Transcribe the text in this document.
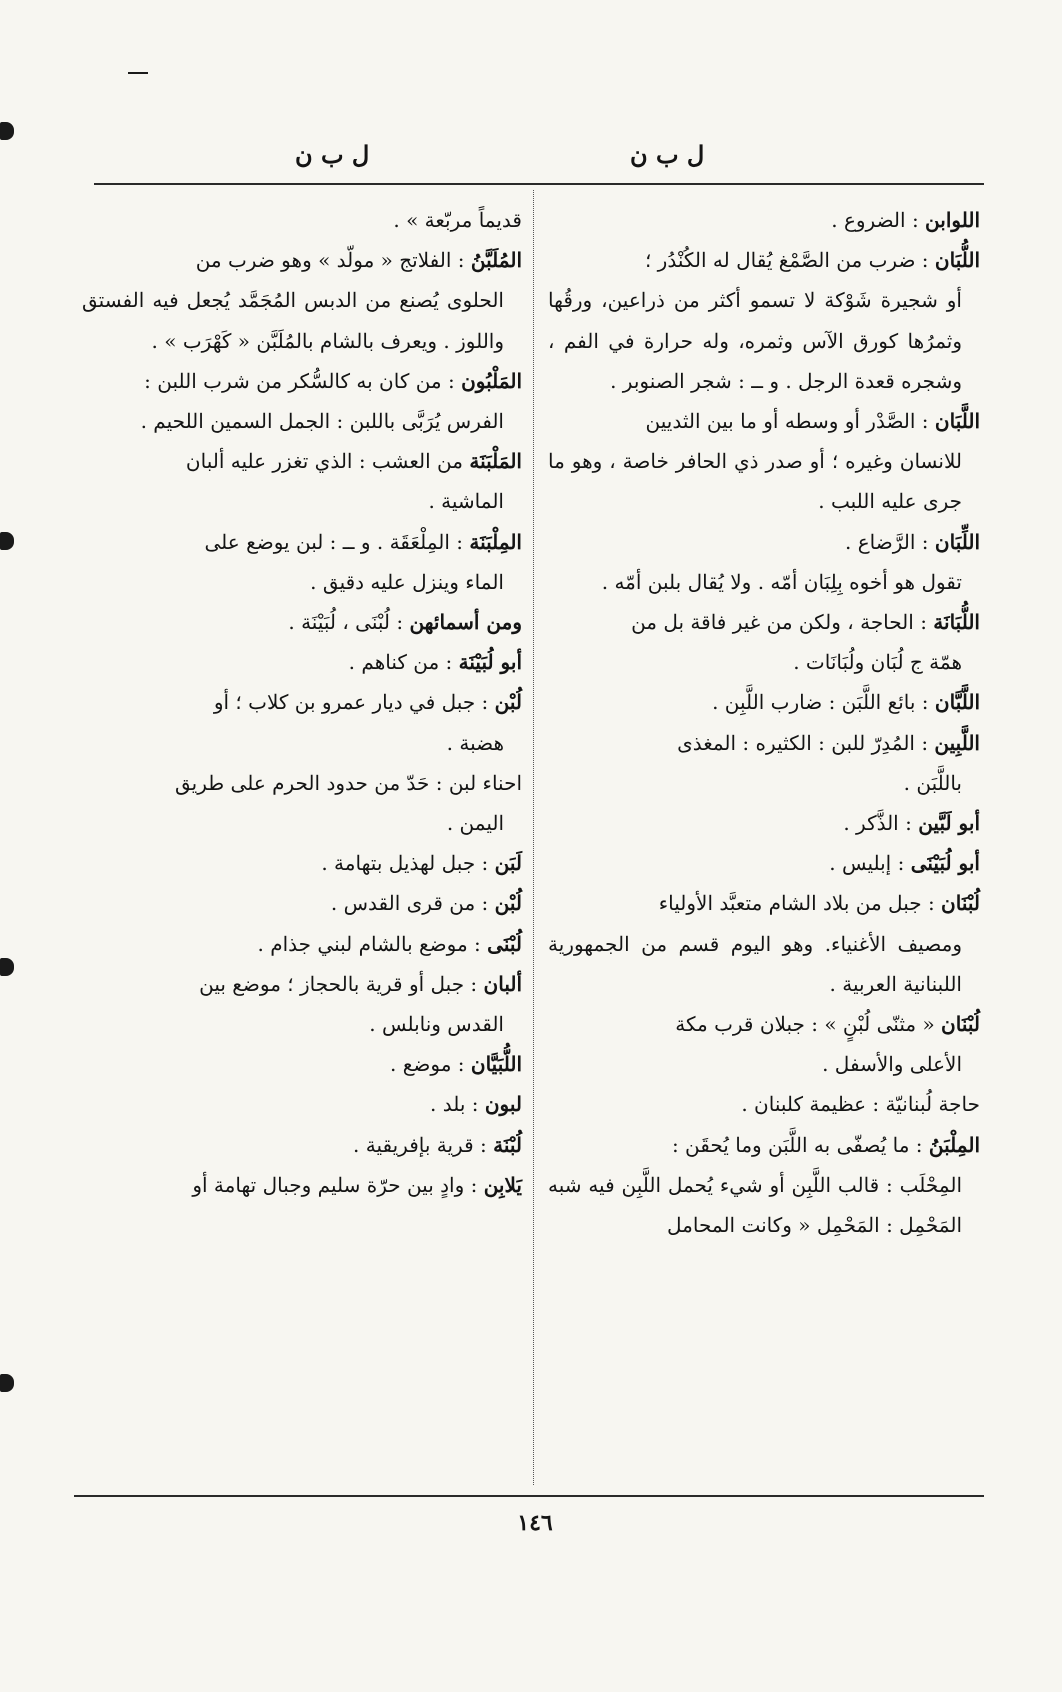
ل ب ن
ل ب ن
اللوابن : الضروع .
اللُّبَان : ضرب من الصَّمْغ يُقال له الكُنْدُر ؛
أو شجيرة شَوْكة لا تسمو أكثر من ذراعين، ورقُها وثمرُها كورق الآس وثمره، وله حرارة في الفم ، وشجره قعدة الرجل . و ــ : شجر الصنوبر .
اللَّبَان : الصَّدْر أو وسطه أو ما بين الثديين
للانسان وغيره ؛ أو صدر ذي الحافر خاصة ، وهو ما جرى عليه اللبب .
اللِّبَان : الرَّضاع .
تقول هو أخوه بِلِبَان أمّه . ولا يُقال بلبن أمّه .
اللُّبَانَة : الحاجة ، ولكن من غير فاقة بل من
همّة ج لُبَان ولُبَانَات .
اللَّبَّان : بائع اللَّبَن : ضارب اللَّبِن .
اللَّبِين : المُدِرّ للبن : الكثيره : المغذى
باللَّبَن .
أبو لَبَّين : الذَّكر .
أبو لُبَيْنَى : إبليس .
لُبْنَان : جبل من بلاد الشام متعبَّد الأولياء
ومصيف الأغنياء. وهو اليوم قسم من الجمهورية اللبنانية العربية .
لُبْنَان « مثنّى لُبْنٍ » : جبلان قرب مكة
الأعلى والأسفل .
حاجة لُبنانيّة : عظيمة كلبنان .
المِلْبَنُ : ما يُصفّى به اللَّبَن وما يُحقَن :
المِحْلَب : قالب اللَّبِن أو شيء يُحمل اللَّبِن فيه شبه المَحْمِل : المَحْمِل « وكانت المحامل
قديماً مربّعة » .
المُلَبَّنُ : الفلاتج « مولّد » وهو ضرب من
الحلوى يُصنع من الدبس المُجَمَّد يُجعل فيه الفستق واللوز . ويعرف بالشام بالمُلَبَّن « كَهْرَب » .
المَلْبُون : من كان به كالسُّكر من شرب اللبن :
الفرس يُرَبَّى باللبن : الجمل السمين اللحيم .
المَلْبَنَة من العشب : الذي تغزر عليه ألبان
الماشية .
المِلْبَنَة : المِلْعَقَة . و ــ : لبن يوضع على
الماء وينزل عليه دقيق .
ومن أسمائهن : لُبْنَى ، لُبَيْنَة .
أبو لُبَيْنَة : من كناهم .
لُبْن : جبل في ديار عمرو بن كلاب ؛ أو
هضبة .
احناء لبن : حَدّ من حدود الحرم على طريق
اليمن .
لَبَن : جبل لهذيل بتهامة .
لُبْن : من قرى القدس .
لُبْنَى : موضع بالشام لبني جذام .
ألبان : جبل أو قرية بالحجاز ؛ موضع بين
القدس ونابلس .
اللُّبَيَّان : موضع .
لبون : بلد .
لُبْنَة : قرية بإفريقية .
يَلابِن : وادٍ بين حرّة سليم وجبال تهامة أو
١٤٦
